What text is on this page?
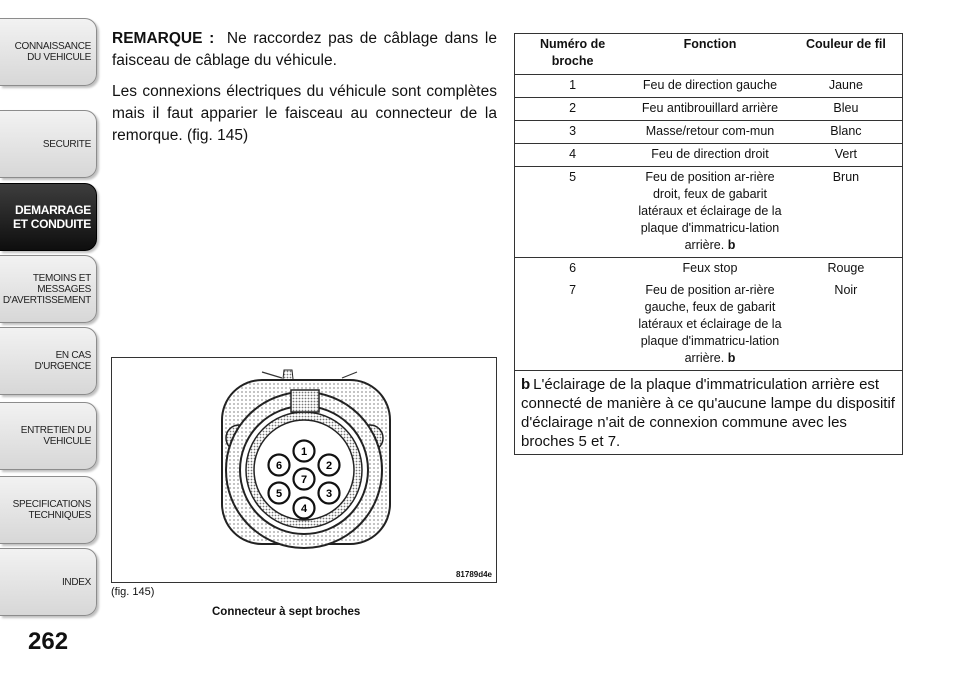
CONNAISSANCE DU VEHICULE
SECURITE
DEMARRAGE ET CONDUITE
TEMOINS ET MESSAGES D'AVERTISSEMENT
EN CAS D'URGENCE
ENTRETIEN DU VEHICULE
SPECIFICATIONS TECHNIQUES
INDEX
262

REMARQUE : Ne raccordez pas de câblage dans le faisceau de câblage du véhicule.

Les connexions électriques du véhicule sont complètes mais il faut apparier le faisceau au connecteur de la remorque. (fig. 145)

1
2
3
4
5
6
7
81789d4e
(fig. 145)
Connecteur à sept broches
Numéro de broche	Fonction	Couleur de fil
1	Feu de direction gauche	Jaune
2	Feu antibrouillard arrière	Bleu
3	Masse/retour com-mun	Blanc
4	Feu de direction droit	Vert
5	Feu de position ar-rière droit, feux de gabarit latéraux et éclairage de la plaque d'immatricu-lation arrière. b	Brun
6	Feux stop	Rouge
7	Feu de position ar-rière gauche, feux de gabarit latéraux et éclairage de la plaque d'immatricu-lation arrière. b	Noir
b L'éclairage de la plaque d'immatriculation arrière est connecté de manière à ce qu'aucune lampe du dispositif d'éclairage n'ait de connexion commune avec les broches 5 et 7.		
